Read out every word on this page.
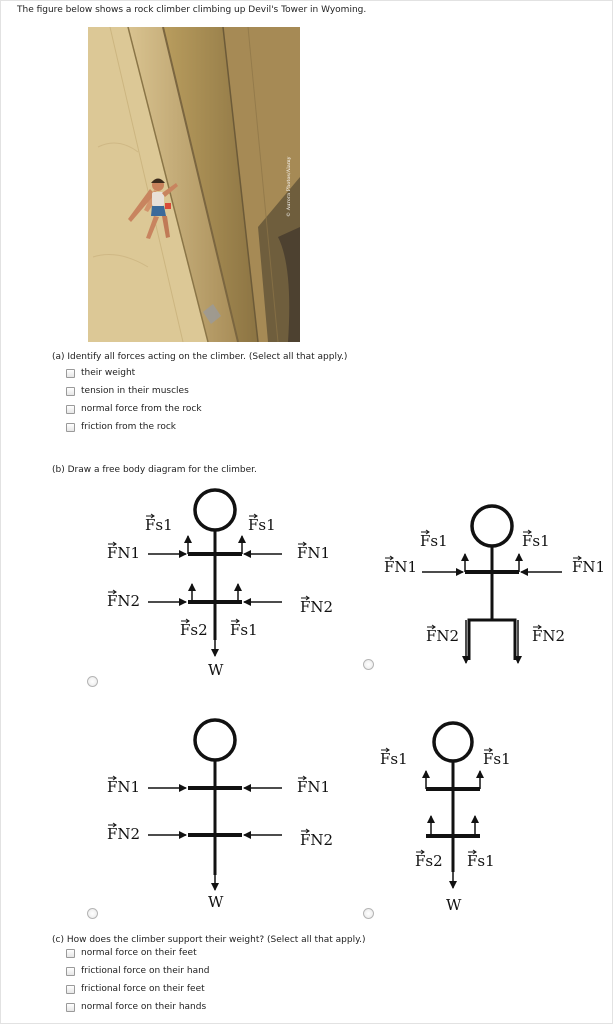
The figure below shows a rock climber climbing up Devil's Tower in Wyoming.
© Aurora Photos/Alamy
(a) Identify all forces acting on the climber. (Select all that apply.)
their weight
tension in their muscles
normal force from the rock
friction from the rock
(b) Draw a free body diagram for the climber.
Fs1	Fs1
FN1	FN1
FN2	FN2
Fs2 Fs1
W
Fs1	Fs1
FN1	FN1
FN2	FN2
FN1	FN1
FN2	FN2
W
Fs1	Fs1
Fs2 Fs1
W
(c) How does the climber support their weight? (Select all that apply.)
normal force on their feet
frictional force on their hand
frictional force on their feet
normal force on their hands
